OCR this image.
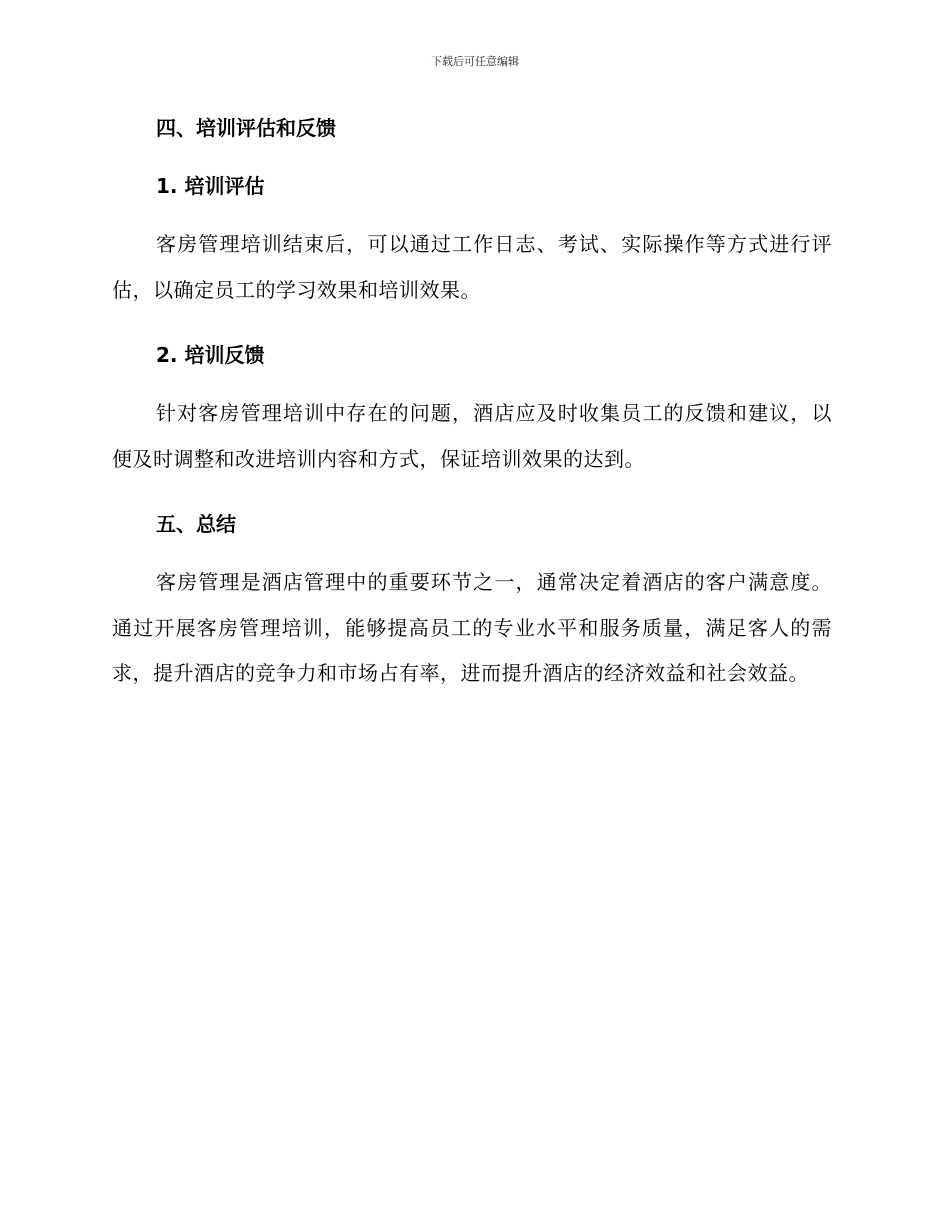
下载后可任意编辑
四、培训评估和反馈
1. 培训评估

客房管理培训结束后，可以通过工作日志、考试、实际操作等方式进行评估，以确定员工的学习效果和培训效果。

2. 培训反馈

针对客房管理培训中存在的问题，酒店应及时收集员工的反馈和建议，以便及时调整和改进培训内容和方式，保证培训效果的达到。

五、总结

客房管理是酒店管理中的重要环节之一，通常决定着酒店的客户满意度。通过开展客房管理培训，能够提高员工的专业水平和服务质量，满足客人的需求，提升酒店的竞争力和市场占有率，进而提升酒店的经济效益和社会效益。
